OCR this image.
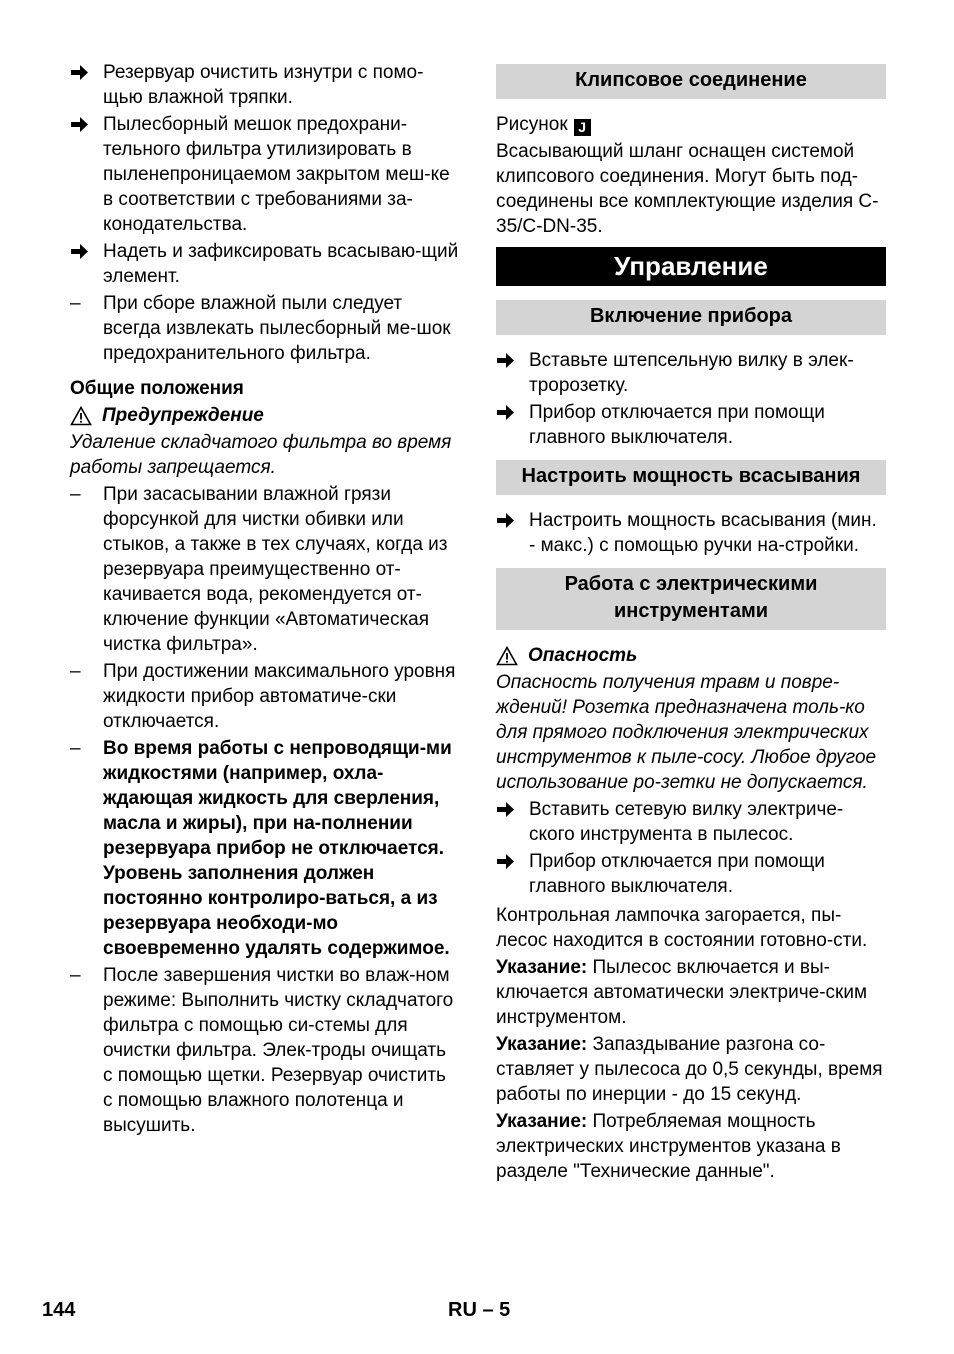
Резервуар очистить изнутри с помо-щью влажной тряпки.
Пылесборный мешок предохрани-тельного фильтра утилизировать в пыленепроницаемом закрытом меш-ке в соответствии с требованиями за-конодательства.
Надеть и зафиксировать всасываю-щий элемент.
–	При сборе влажной пыли следует всегда извлекать пылесборный ме-шок предохранительного фильтра.
Общие положения
Предупреждение
Удаление складчатого фильтра во время работы запрещается.
–	При засасывании влажной грязи форсункой для чистки обивки или стыков, а также в тех случаях, когда из резервуара преимущественно от-качивается вода, рекомендуется от-ключение функции «Автоматическая чистка фильтра».
–	При достижении максимального уровня жидкости прибор автоматиче-ски отключается.
–	Во время работы с непроводящи-ми жидкостями (например, охла-ждающая жидкость для сверления, масла и жиры), при на-полнении резервуара прибор не отключается. Уровень заполнения должен постоянно контролиро-ваться, а из резервуара необходи-мо своевременно удалять содержимое.
–	После завершения чистки во влаж-ном режиме: Выполнить чистку складчатого фильтра с помощью си-стемы для очистки фильтра. Элек-троды очищать с помощью щетки. Резервуар очистить с помощью влажного полотенца и высушить.
Клипсовое соединение
Рисунок J
Всасывающий шланг оснащен системой клипсового соединения. Могут быть под-соединены все комплектующие изделия C-35/C-DN-35.
Управление
Включение прибора
Вставьте штепсельную вилку в элек-тророзетку.
Прибор отключается при помощи главного выключателя.
Настроить мощность всасывания
Настроить мощность всасывания (мин. - макс.) с помощью ручки на-стройки.
Работа с электрическими
инструментами
Опасность
Опасность получения травм и повре-ждений! Розетка предназначена толь-ко для прямого подключения электрических инструментов к пыле-сосу. Любое другое использование ро-зетки не допускается.
Вставить сетевую вилку электриче-ского инструмента в пылесос.
Прибор отключается при помощи главного выключателя.
Контрольная лампочка загорается, пы-лесос находится в состоянии готовно-сти.
Указание: Пылесос включается и вы-ключается автоматически электриче-ским инструментом.
Указание: Запаздывание разгона со-ставляет у пылесоса до 0,5 секунды, время работы по инерции - до 15 секунд.
Указание: Потребляемая мощность электрических инструментов указана в разделе "Технические данные".
144	RU – 5
